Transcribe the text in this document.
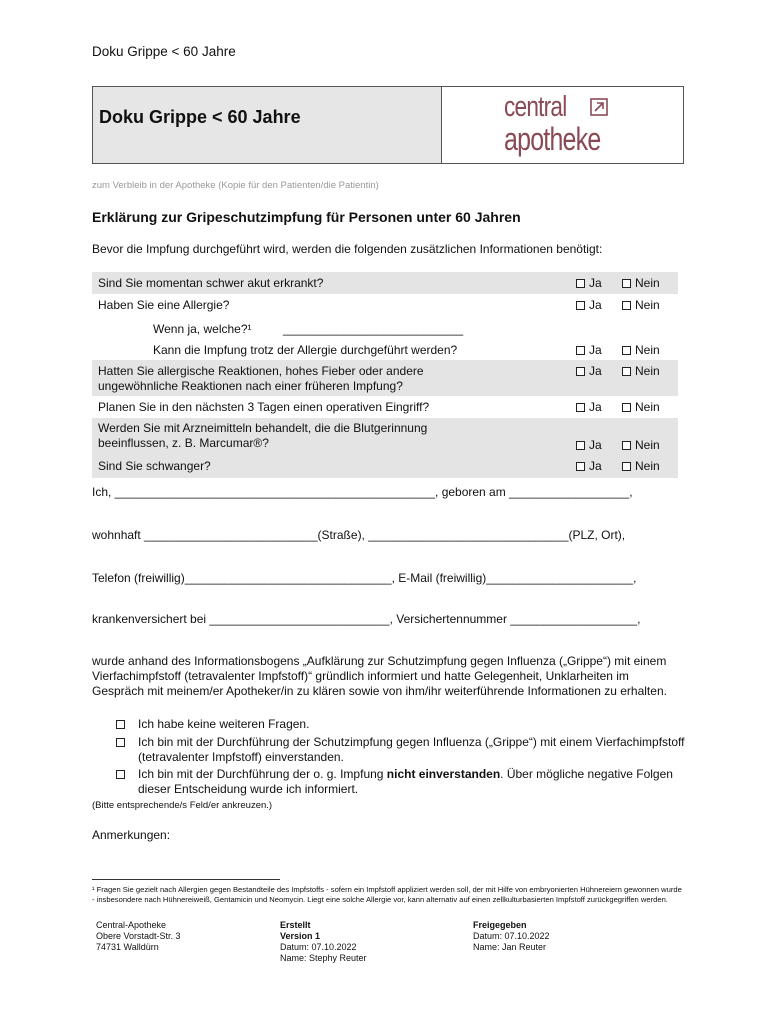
Doku Grippe < 60 Jahre
Doku Grippe < 60 Jahre	central
apotheke
zum Verbleib in der Apotheke (Kopie für den Patienten/die Patientin)
Erklärung zur Gripeschutzimpfung für Personen unter 60 Jahren
Bevor die Impfung durchgeführt wird, werden die folgenden zusätzlichen Informationen benötigt:
Sind Sie momentan schwer akut erkrankt?	Ja	Nein
Haben Sie eine Allergie?	Ja	Nein
Wenn ja, welche?¹	___________________________
Kann die Impfung trotz der Allergie durchgeführt werden?	Ja	Nein
Hatten Sie allergische Reaktionen, hohes Fieber oder andere ungewöhnliche Reaktionen nach einer früheren Impfung?
Ja	Nein
Planen Sie in den nächsten 3 Tagen einen operativen Eingriff?	Ja	Nein
Werden Sie mit Arzneimitteln behandelt, die die Blutgerinnung beeinflussen, z. B. Marcumar®?	Ja	Nein
Sind Sie schwanger?	Ja	Nein
Ich, ________________________________________________, geboren am __________________,
wohnhaft __________________________(Straße), ______________________________(PLZ, Ort),
Telefon (freiwillig)_______________________________, E-Mail (freiwillig)______________________,
krankenversichert bei ___________________________, Versichertennummer ___________________,
wurde anhand des Informationsbogens „Aufklärung zur Schutzimpfung gegen Influenza („Grippe“) mit einem Vierfachimpfstoff (tetravalenter Impfstoff)“ gründlich informiert und hatte Gelegenheit, Unklarheiten im Gespräch mit meinem/er Apotheker/in zu klären sowie von ihm/ihr weiterführende Informationen zu erhalten.
Ich habe keine weiteren Fragen.
Ich bin mit der Durchführung der Schutzimpfung gegen Influenza („Grippe“) mit einem Vierfachimpfstoff (tetravalenter Impfstoff) einverstanden.
Ich bin mit der Durchführung der o. g. Impfung nicht einverstanden. Über mögliche negative Folgen dieser Entscheidung wurde ich informiert.
(Bitte entsprechende/s Feld/er ankreuzen.)
Anmerkungen:
¹ Fragen Sie gezielt nach Allergien gegen Bestandteile des Impfstoffs - sofern ein Impfstoff appliziert werden soll, der mit Hilfe von embryonierten Hühnereiern gewonnen wurde - insbesondere nach Hühnereiweiß, Gentamicin und Neomycin. Liegt eine solche Allergie vor, kann alternativ auf einen zellkulturbasierten Impfstoff zurückgegriffen werden.
Central-Apotheke
Obere Vorstadt-Str. 3
74731 Walldürn
Erstellt
Version 1
Datum: 07.10.2022
Name: Stephy Reuter
Freigegeben
Datum: 07.10.2022
Name: Jan Reuter
